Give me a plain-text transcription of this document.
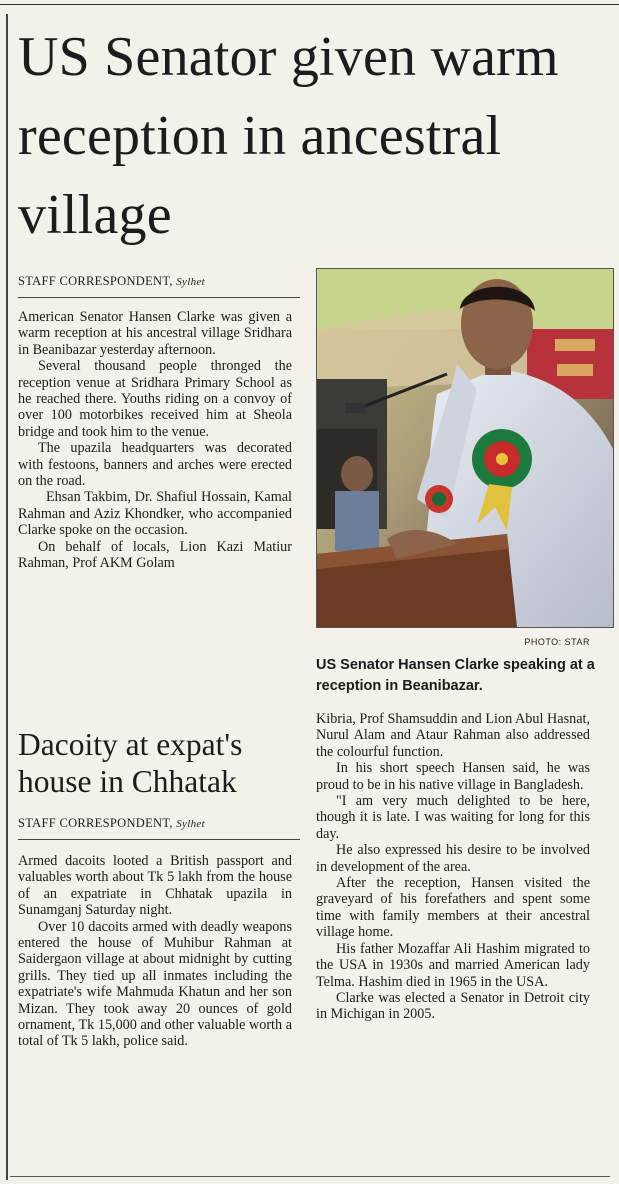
US Senator given warm reception in ancestral village
STAFF CORRESPONDENT, Sylhet

American Senator Hansen Clarke was given a warm reception at his ancestral village Sridhara in Beanibazar yesterday afternoon.

Several thousand people thronged the reception venue at Sridhara Primary School as he reached there. Youths riding on a convoy of over 100 motorbikes received him at Sheola bridge and took him to the venue.

The upazila headquarters was decorated with festoons, banners and arches were erected on the road.

Ehsan Takbim, Dr. Shafiul Hossain, Kamal Rahman and Aziz Khondker, who accompanied Clarke spoke on the occasion.

On behalf of locals, Lion Kazi Matiur Rahman, Prof AKM Golam

PHOTO: STAR
US Senator Hansen Clarke speaking at a reception in Beanibazar.

Kibria, Prof Shamsuddin and Lion Abul Hasnat, Nurul Alam and Ataur Rahman also addressed the colourful function.

In his short speech Hansen said, he was proud to be in his native village in Bangladesh.

"I am very much delighted to be here, though it is late. I was waiting for long for this day.

He also expressed his desire to be involved in development of the area.

After the reception, Hansen visited the graveyard of his forefathers and spent some time with family members at their ancestral village home.

His father Mozaffar Ali Hashim migrated to the USA in 1930s and married American lady Telma. Hashim died in 1965 in the USA.

Clarke was elected a Senator in Detroit city in Michigan in 2005.

Dacoity at expat's house in Chhatak
STAFF CORRESPONDENT, Sylhet

Armed dacoits looted a British passport and valuables worth about Tk 5 lakh from the house of an expatriate in Chhatak upazila in Sunamganj Saturday night.

Over 10 dacoits armed with deadly weapons entered the house of Muhibur Rahman at Saidergaon village at about midnight by cutting grills. They tied up all inmates including the expatriate's wife Mahmuda Khatun and her son Mizan. They took away 20 ounces of gold ornament, Tk 15,000 and other valuable worth a total of Tk 5 lakh, police said.
